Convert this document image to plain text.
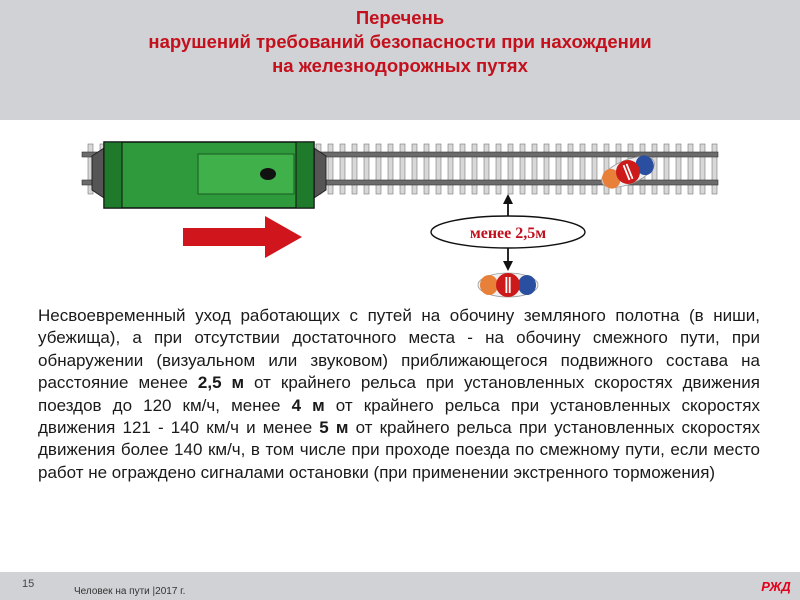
Перечень
нарушений требований безопасности при нахождении
на железнодорожных путях
менее 2,5м

Несвоевременный уход работающих с путей на обочину земляного полотна (в ниши, убежища), а при отсутствии достаточного места - на обочину смежного пути, при обнаружении (визуальном или звуковом) приближающегося подвижного состава на расстояние менее 2,5 м от крайнего рельса при установленных скоростях движения поездов до 120 км/ч, менее 4 м от крайнего рельса при установленных скоростях движения 121 - 140 км/ч и менее 5 м от крайнего рельса при установленных скоростях движения более 140 км/ч, в том числе при проходе поезда по смежному пути, если место работ не ограждено сигналами остановки (при применении экстренного торможения)

15
Человек на пути |2017 г.	РЖД
